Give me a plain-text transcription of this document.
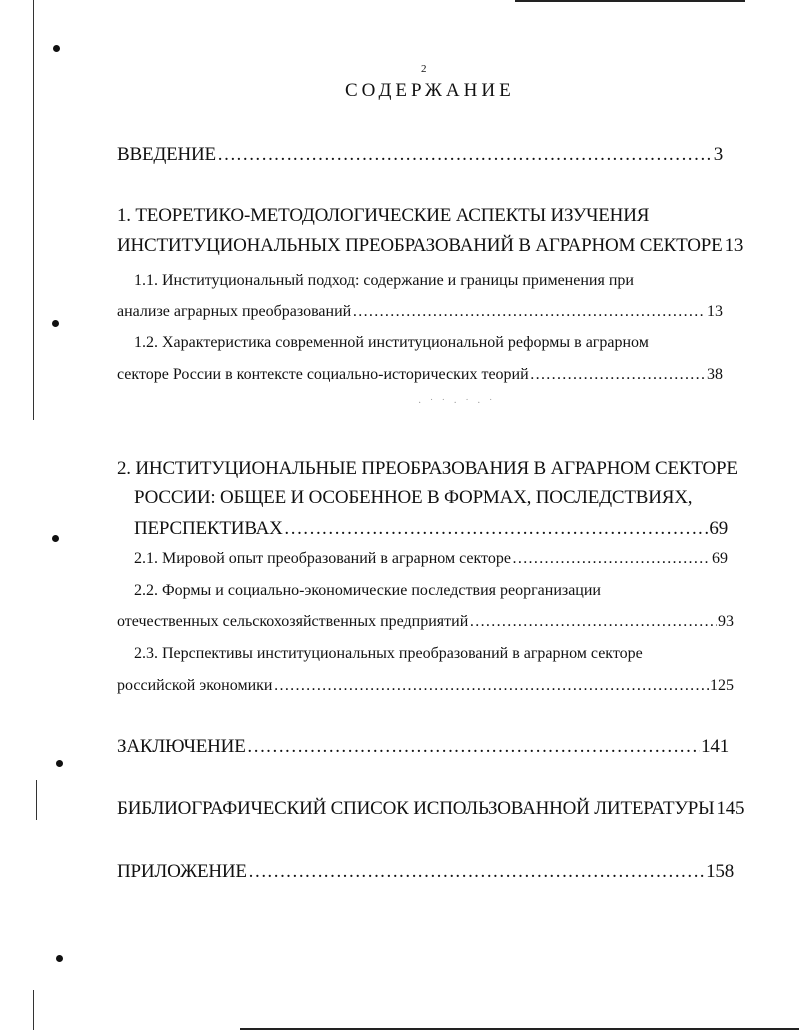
· ˙ ˙ · ˙ · ˙
2
СОДЕРЖАНИЕ
ВВЕДЕНИЕ ………………………………………………………………………………………………………………………………………………………………………………	3
1. ТЕОРЕТИКО-МЕТОДОЛОГИЧЕСКИЕ АСПЕКТЫ ИЗУЧЕНИЯ
ИНСТИТУЦИОНАЛЬНЫХ ПРЕОБРАЗОВАНИЙ В АГРАРНОМ СЕКТОРЕ 13
1.1. Институциональный подход: содержание и границы применения при
анализе аграрных преобразований ………………………………………………………………………………………………………………………………………………………………………………	13
1.2. Характеристика современной институциональной реформы в аграрном
секторе России в контексте социально-исторических теорий ………………………………………………………………………………………………………………………………………………………………………………	38
2. ИНСТИТУЦИОНАЛЬНЫЕ ПРЕОБРАЗОВАНИЯ В АГРАРНОМ СЕКТОРЕ
РОССИИ: ОБЩЕЕ И ОСОБЕННОЕ В ФОРМАХ, ПОСЛЕДСТВИЯХ,
ПЕРСПЕКТИВАХ ………………………………………………………………………………………………………………………………………………………………………………	69
2.1. Мировой опыт преобразований в аграрном секторе ………………………………………………………………………………………………………………………………………………………………………………	69
2.2. Формы и социально-экономические последствия реорганизации
отечественных сельскохозяйственных предприятий ………………………………………………………………………………………………………………………………………………………………………………	93
2.3. Перспективы институциональных преобразований в аграрном секторе
российской экономики ………………………………………………………………………………………………………………………………………………………………………………	125
ЗАКЛЮЧЕНИЕ ………………………………………………………………………………………………………………………………………………………………………………	141
БИБЛИОГРАФИЧЕСКИЙ СПИСОК ИСПОЛЬЗОВАННОЙ ЛИТЕРАТУРЫ 145
ПРИЛОЖЕНИЕ ………………………………………………………………………………………………………………………………………………………………………………	158
